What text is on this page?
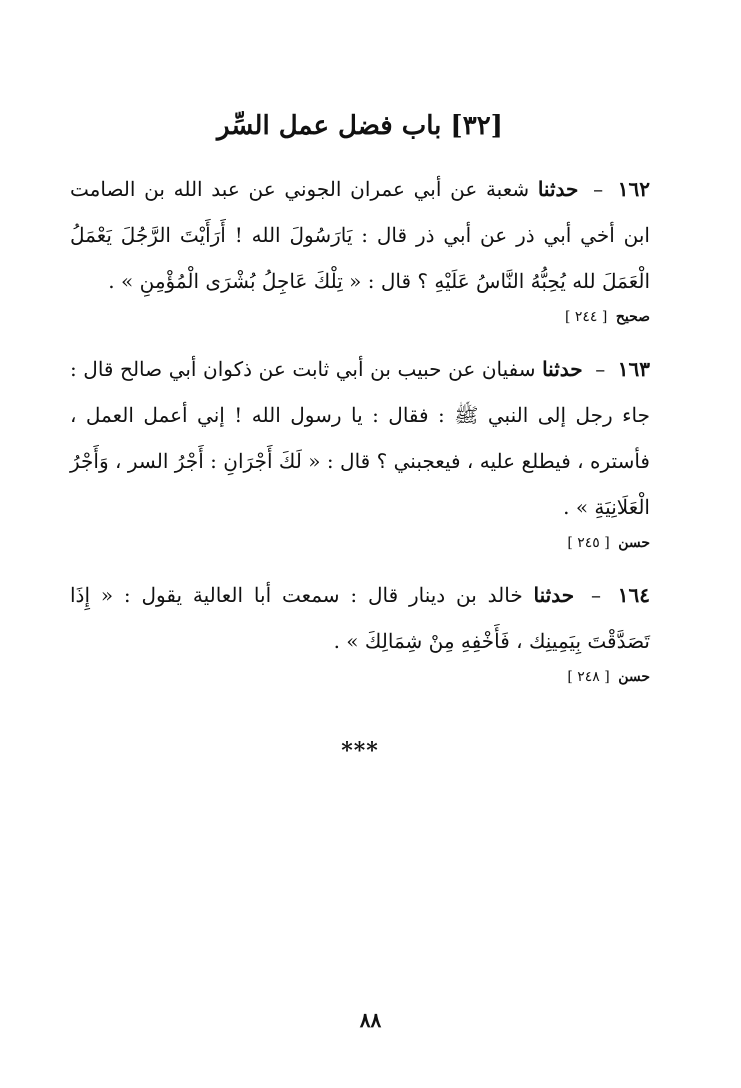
[٣٢] باب فضل عمل السِّر

١٦٢ – حدثنا شعبة عن أبي عمران الجوني عن عبد الله بن الصامت ابن أخي أبي ذر عن أبي ذر قال : يَارَسُولَ الله ! أَرَأَيْتَ الرَّجُلَ يَعْمَلُ الْعَمَلَ لله يُحِبُّهُ النَّاسُ عَلَيْهِ ؟ قال : « تِلْكَ عَاجِلُ بُشْرَى الْمُؤْمِنِ » .

صحيح [ ٢٤٤ ]

١٦٣ – حدثنا سفيان عن حبيب بن أبي ثابت عن ذكوان أبي صالح قال : جاء رجل إلى النبي ﷺ : فقال : يا رسول الله ! إني أعمل العمل ، فأستره ، فيطلع عليه ، فيعجبني ؟ قال : « لَكَ أَجْرَانِ : أَجْرُ السر ، وَأَجْرُ الْعَلَانِيَةِ » .

حسن [ ٢٤٥ ]

١٦٤ – حدثنا خالد بن دينار قال : سمعت أبا العالية يقول : « إِذَا تَصَدَّقْتَ بِيَمِينِك ، فَأَخْفِهِ مِنْ شِمَالِكَ » .

حسن [ ٢٤٨ ]
***
٨٨
